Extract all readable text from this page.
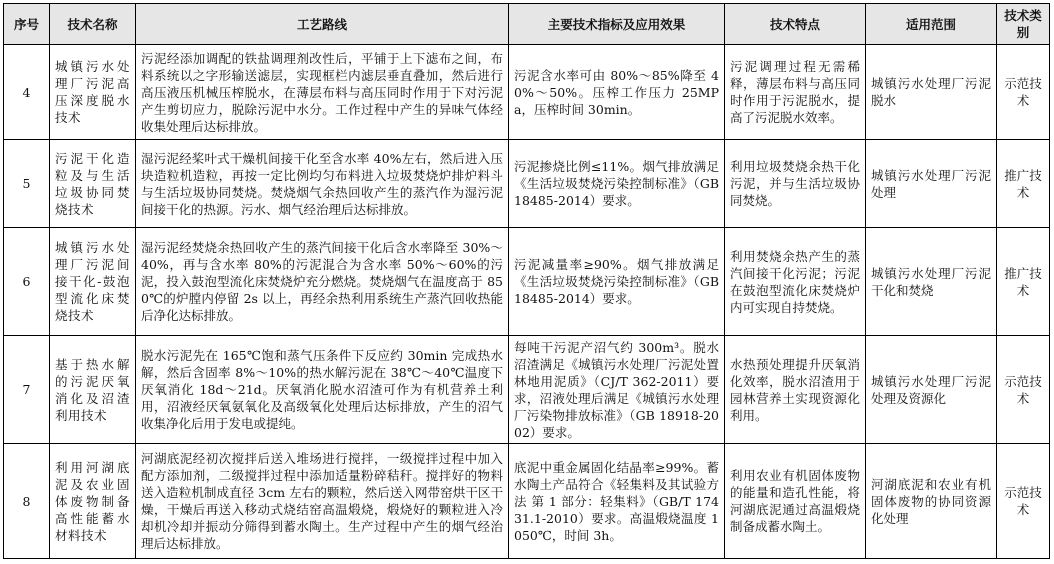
序号	技术名称	工艺路线	主要技术指标及应用效果	技术特点	适用范围	技术类别
4	城镇污水处理厂污泥高压深度脱水技术	污泥经添加调配的铁盐调理剂改性后，平铺于上下滤布之间，布料系统以之字形输送滤层，实现框栏内滤层垂直叠加，然后进行高压液压机械压榨脱水，在薄层布料与高压同时作用于下对污泥产生剪切应力，脱除污泥中水分。工作过程中产生的异味气体经收集处理后达标排放。	污泥含水率可由 80%～85%降至 40%～50%。压榨工作压力 25MPa，压榨时间 30min。	污泥调理过程无需稀释，薄层布料与高压同时作用于污泥脱水，提高了污泥脱水效率。	城镇污水处理厂污泥脱水	示范技术
5	污泥干化造粒及与生活垃圾协同焚烧技术	湿污泥经桨叶式干燥机间接干化至含水率 40%左右，然后进入压块造粒机造粒，再按一定比例均匀布料进入垃圾焚烧炉排炉料斗与生活垃圾协同焚烧。焚烧烟气余热回收产生的蒸汽作为湿污泥间接干化的热源。污水、烟气经治理后达标排放。	污泥掺烧比例≤11%。烟气排放满足《生活垃圾焚烧污染控制标准》（GB 18485-2014）要求。	利用垃圾焚烧余热干化污泥，并与生活垃圾协同焚烧。	城镇污水处理厂污泥处理	推广技术
6	城镇污水处理厂污泥间接干化-鼓泡型流化床焚烧技术	湿污泥经焚烧余热回收产生的蒸汽间接干化后含水率降至 30%～40%，再与含水率 80%的污泥混合为含水率 50%～60%的污泥，投入鼓泡型流化床焚烧炉充分燃烧。焚烧烟气在温度高于 850℃的炉膛内停留 2s 以上，再经余热利用系统生产蒸汽回收热能后净化达标排放。	污泥减量率≥90%。烟气排放满足《生活垃圾焚烧污染控制标准》（GB 18485-2014）要求。	利用焚烧余热产生的蒸汽间接干化污泥；污泥在鼓泡型流化床焚烧炉内可实现自持焚烧。	城镇污水处理厂污泥干化和焚烧	推广技术
7	基于热水解的污泥厌氧消化及沼渣利用技术	脱水污泥先在 165℃饱和蒸气压条件下反应约 30min 完成热水解，然后含固率 8%～10%的热水解污泥在 38℃～40℃温度下厌氧消化 18d～21d。厌氧消化脱水沼渣可作为有机营养土利用，沼液经厌氧氨氧化及高级氧化处理后达标排放，产生的沼气收集净化后用于发电或提纯。	每吨干污泥产沼气约 300m³。脱水沼渣满足《城镇污水处理厂污泥处置 林地用泥质》（CJ/T 362-2011）要求，沼液处理后满足《城镇污水处理厂污染物排放标准》（GB 18918-2002）要求。	水热预处理提升厌氧消化效率，脱水沼渣用于园林营养土实现资源化利用。	城镇污水处理厂污泥处理及资源化	示范技术
8	利用河湖底泥及农业固体废物制备高性能蓄水材料技术	河湖底泥经初次搅拌后送入堆场进行搅拌，一级搅拌过程中加入配方添加剂，二级搅拌过程中添加适量粉碎秸秆。搅拌好的物料送入造粒机制成直径 3cm 左右的颗粒，然后送入网带窑烘干区干燥，干燥后再送入移动式烧结窑高温煅烧，煅烧好的颗粒进入冷却机冷却并振动分筛得到蓄水陶土。生产过程中产生的烟气经治理后达标排放。	底泥中重金属固化结晶率≥99%。蓄水陶土产品符合《轻集料及其试验方法 第 1 部分：轻集料》（GB/T 17431.1-2010）要求。高温煅烧温度 1050℃，时间 3h。	利用农业有机固体废物的能量和造孔性能，将河湖底泥通过高温煅烧制备成蓄水陶土。	河湖底泥和农业有机固体废物的协同资源化处理	示范技术
